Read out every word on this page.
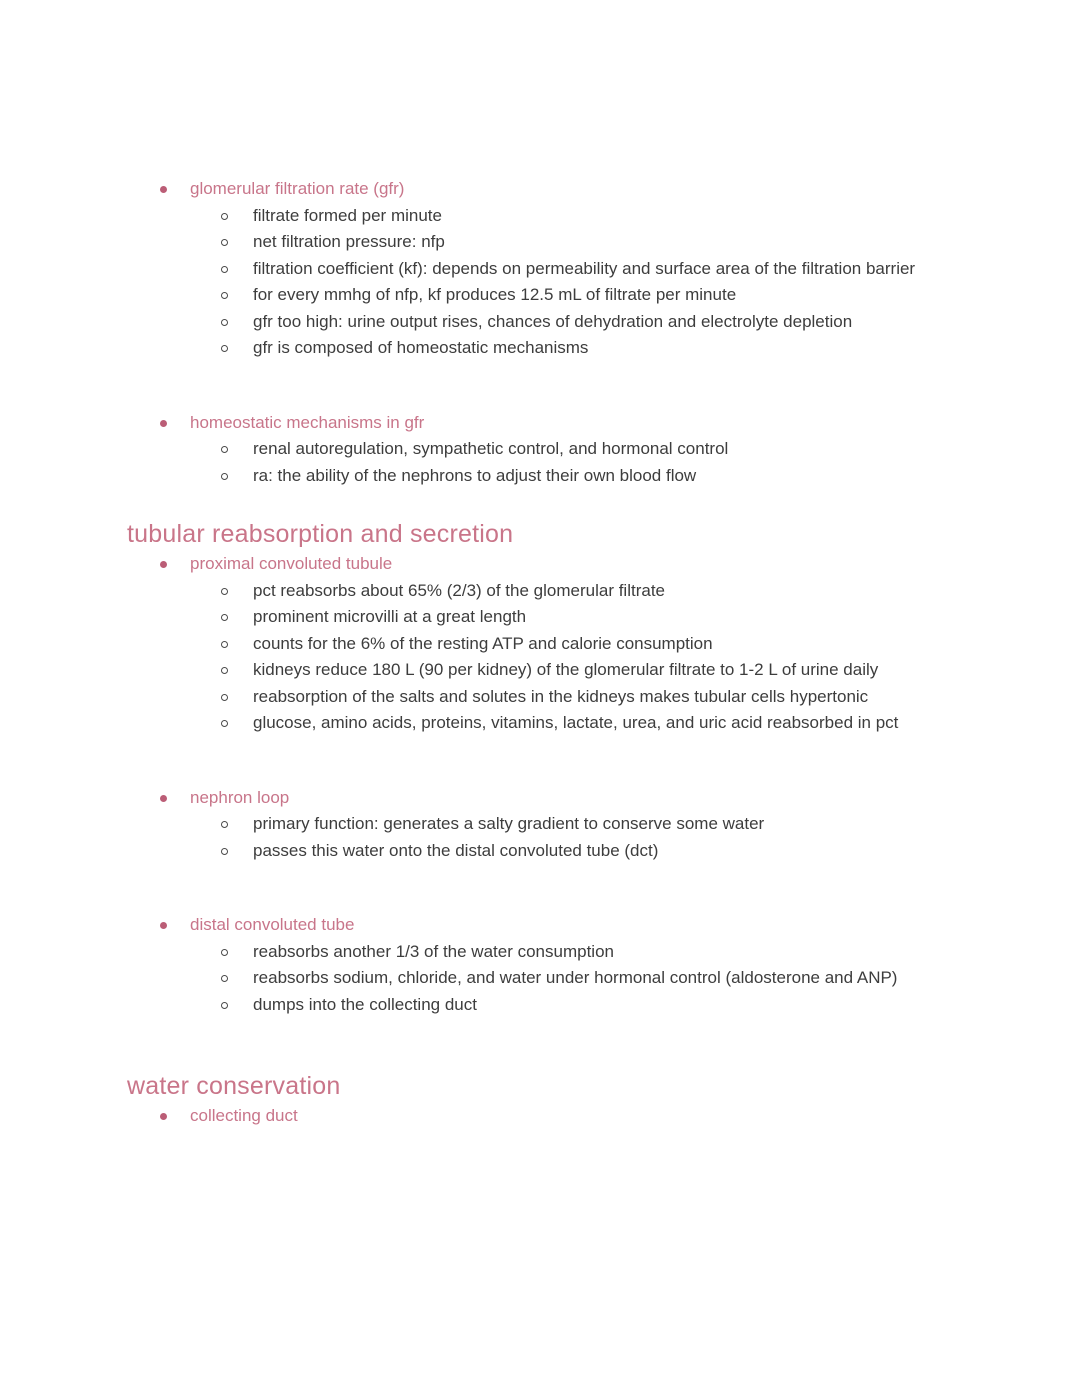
glomerular filtration rate (gfr)
filtrate formed per minute
net filtration pressure: nfp
filtration coefficient (kf): depends on permeability and surface area of the filtration barrier
for every mmhg of nfp, kf produces 12.5 mL of filtrate per minute
gfr too high: urine output rises, chances of dehydration and electrolyte depletion
gfr is composed of homeostatic mechanisms
homeostatic mechanisms in gfr
renal autoregulation, sympathetic control, and hormonal control
ra: the ability of the nephrons to adjust their own blood flow
tubular reabsorption and secretion
proximal convoluted tubule
pct reabsorbs about 65% (2/3) of the glomerular filtrate
prominent microvilli at a great length
counts for the 6% of the resting ATP and calorie consumption
kidneys reduce 180 L (90 per kidney) of the glomerular filtrate to 1-2 L of urine daily
reabsorption of the salts and solutes in the kidneys makes tubular cells hypertonic
glucose, amino acids, proteins, vitamins, lactate, urea, and uric acid reabsorbed in pct
nephron loop
primary function: generates a salty gradient to conserve some water
passes this water onto the distal convoluted tube (dct)
distal convoluted tube
reabsorbs another 1/3 of the water consumption
reabsorbs sodium, chloride, and water under hormonal control (aldosterone and ANP)
dumps into the collecting duct
water conservation
collecting duct
